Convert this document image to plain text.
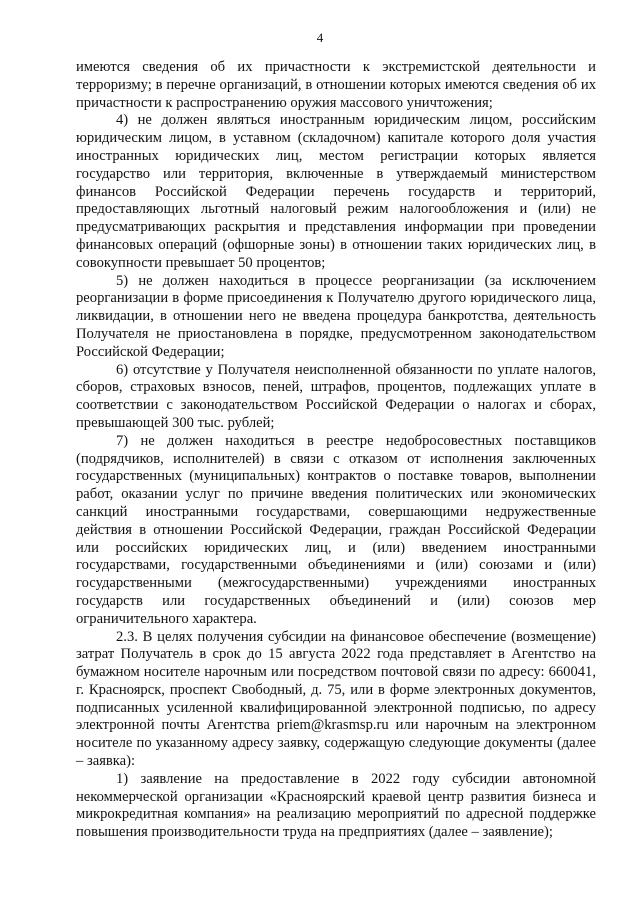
4

имеются сведения об их причастности к экстремистской деятельности и терроризму; в перечне организаций, в отношении которых имеются сведения об их причастности к распространению оружия массового уничтожения;

4) не должен являться иностранным юридическим лицом, российским юридическим лицом, в уставном (складочном) капитале которого доля участия иностранных юридических лиц, местом регистрации которых является государство или территория, включенные в утверждаемый министерством финансов Российской Федерации перечень государств и территорий, предоставляющих льготный налоговый режим налогообложения и (или) не предусматривающих раскрытия и представления информации при проведении финансовых операций (офшорные зоны) в отношении таких юридических лиц, в совокупности превышает 50 процентов;

5) не должен находиться в процессе реорганизации (за исключением реорганизации в форме присоединения к Получателю другого юридического лица, ликвидации, в отношении него не введена процедура банкротства, деятельность Получателя не приостановлена в порядке, предусмотренном законодательством Российской Федерации;

6) отсутствие у Получателя неисполненной обязанности по уплате налогов, сборов, страховых взносов, пеней, штрафов, процентов, подлежащих уплате в соответствии с законодательством Российской Федерации о налогах и сборах, превышающей 300 тыс. рублей;

7) не должен находиться в реестре недобросовестных поставщиков (подрядчиков, исполнителей) в связи с отказом от исполнения заключенных государственных (муниципальных) контрактов о поставке товаров, выполнении работ, оказании услуг по причине введения политических или экономических санкций иностранными государствами, совершающими недружественные действия в отношении Российской Федерации, граждан Российской Федерации или российских юридических лиц, и (или) введением иностранными государствами, государственными объединениями и (или) союзами и (или) государственными (межгосударственными) учреждениями иностранных государств или государственных объединений и (или) союзов мер ограничительного характера.

2.3. В целях получения субсидии на финансовое обеспечение (возмещение) затрат Получатель в срок до 15 августа 2022 года представляет в Агентство на бумажном носителе нарочным или посредством почтовой связи по адресу: 660041, г. Красноярск, проспект Свободный, д. 75, или в форме электронных документов, подписанных усиленной квалифицированной электронной подписью, по адресу электронной почты Агентства priem@krasmsp.ru или нарочным на электронном носителе по указанному адресу заявку, содержащую следующие документы (далее – заявка):

1) заявление на предоставление в 2022 году субсидии автономной некоммерческой организации «Красноярский краевой центр развития бизнеса и микрокредитная компания» на реализацию мероприятий по адресной поддержке повышения производительности труда на предприятиях (далее – заявление);
